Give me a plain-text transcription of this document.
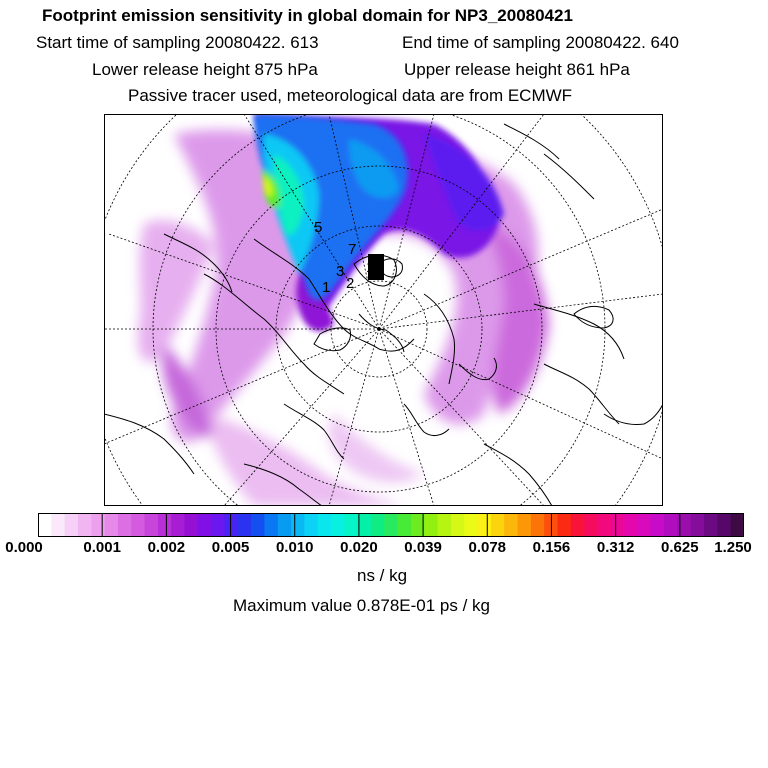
Footprint emission sensitivity in global domain for NP3_20080421
Start time of sampling 20080422. 613	End time of sampling 20080422. 640
Lower release height 875 hPa	Upper release height 861 hPa
Passive tracer used, meteorological data are from ECMWF
1 2
3
5
7
10
0.000	0.001 0.002 0.005 0.010 0.020 0.039 0.078 0.156 0.312 0.625 1.250
ns / kg
Maximum value 0.878E-01 ps / kg
